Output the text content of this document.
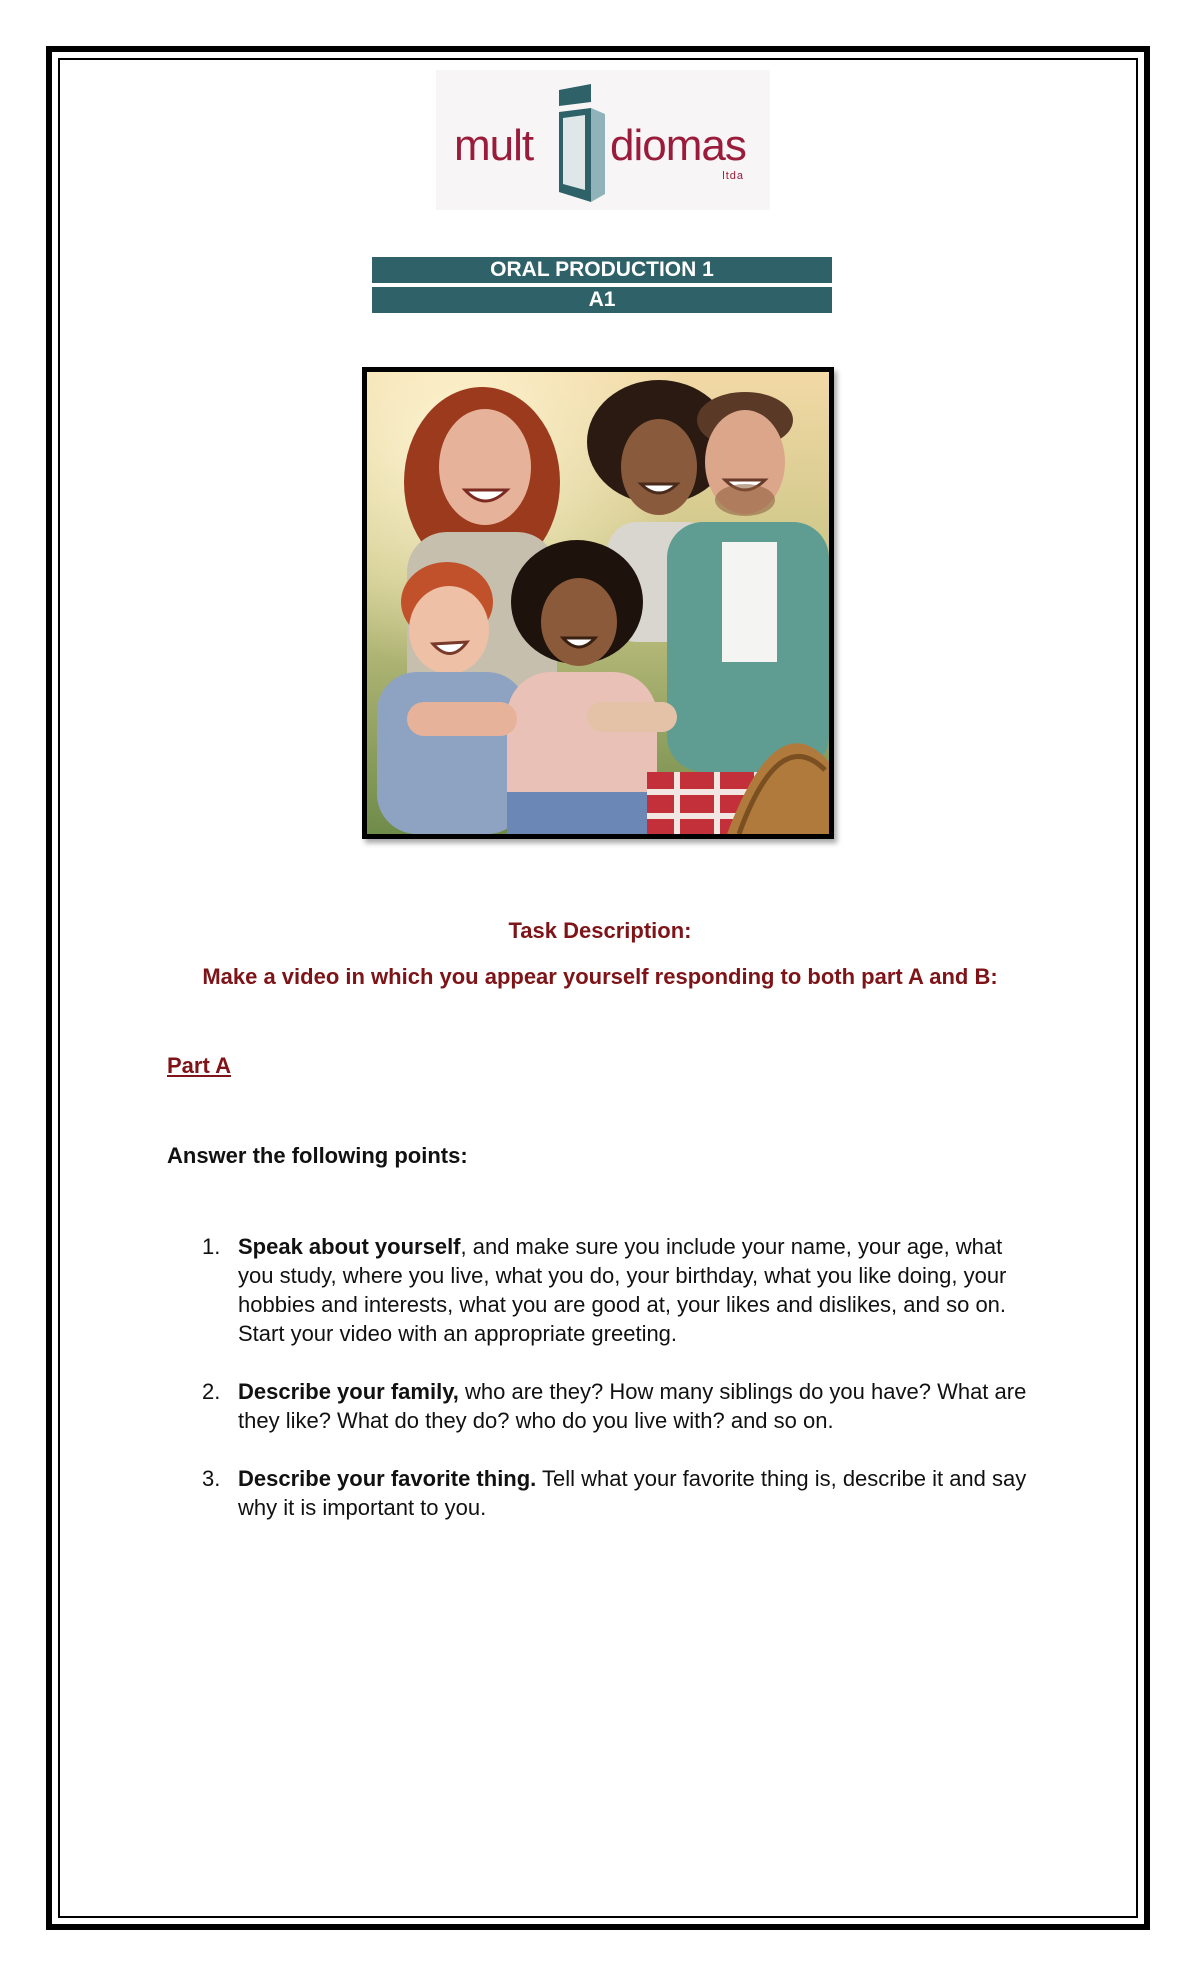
mult diomas
ltda
ORAL PRODUCTION 1
A1
Task Description:
Make a video in which you appear yourself responding to both part A and B:
Part A
Answer the following points:
1. Speak about yourself, and make sure you include your name, your age, what you study, where you live, what you do, your birthday, what you like doing, your hobbies and interests, what you are good at, your likes and dislikes, and so on. Start your video with an appropriate greeting.
2. Describe your family, who are they? How many siblings do you have? What are they like? What do they do? who do you live with? and so on.
3. Describe your favorite thing. Tell what your favorite thing is, describe it and say why it is important to you.
